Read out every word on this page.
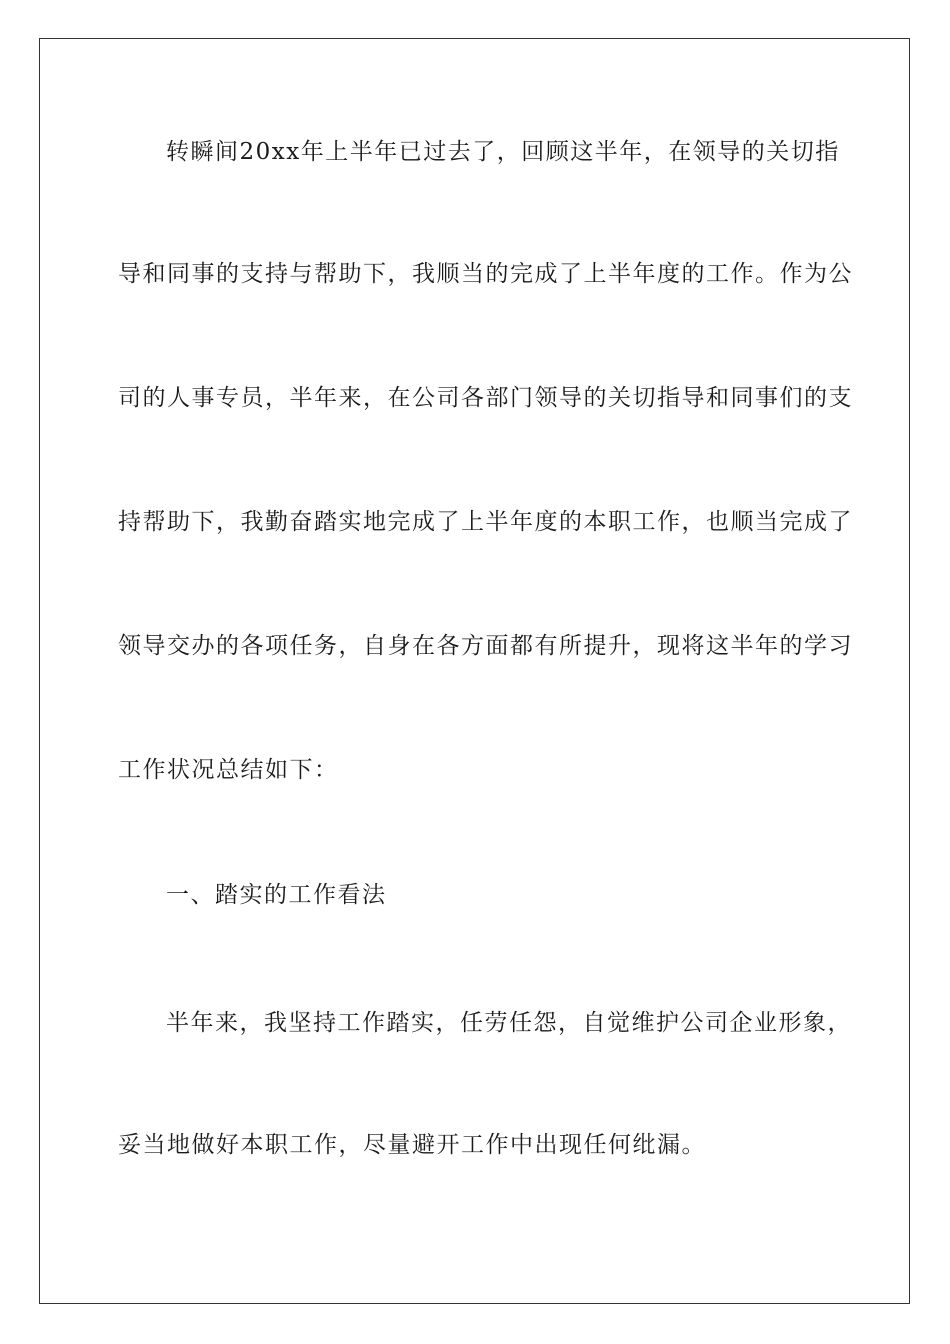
转瞬间20xx年上半年已过去了，回顾这半年，在领导的关切指
导和同事的支持与帮助下，我顺当的完成了上半年度的工作。作为公
司的人事专员，半年来，在公司各部门领导的关切指导和同事们的支
持帮助下，我勤奋踏实地完成了上半年度的本职工作，也顺当完成了
领导交办的各项任务，自身在各方面都有所提升，现将这半年的学习
工作状况总结如下：
一、踏实的工作看法
半年来，我坚持工作踏实，任劳任怨，自觉维护公司企业形象，
妥当地做好本职工作，尽量避开工作中出现任何纰漏。
